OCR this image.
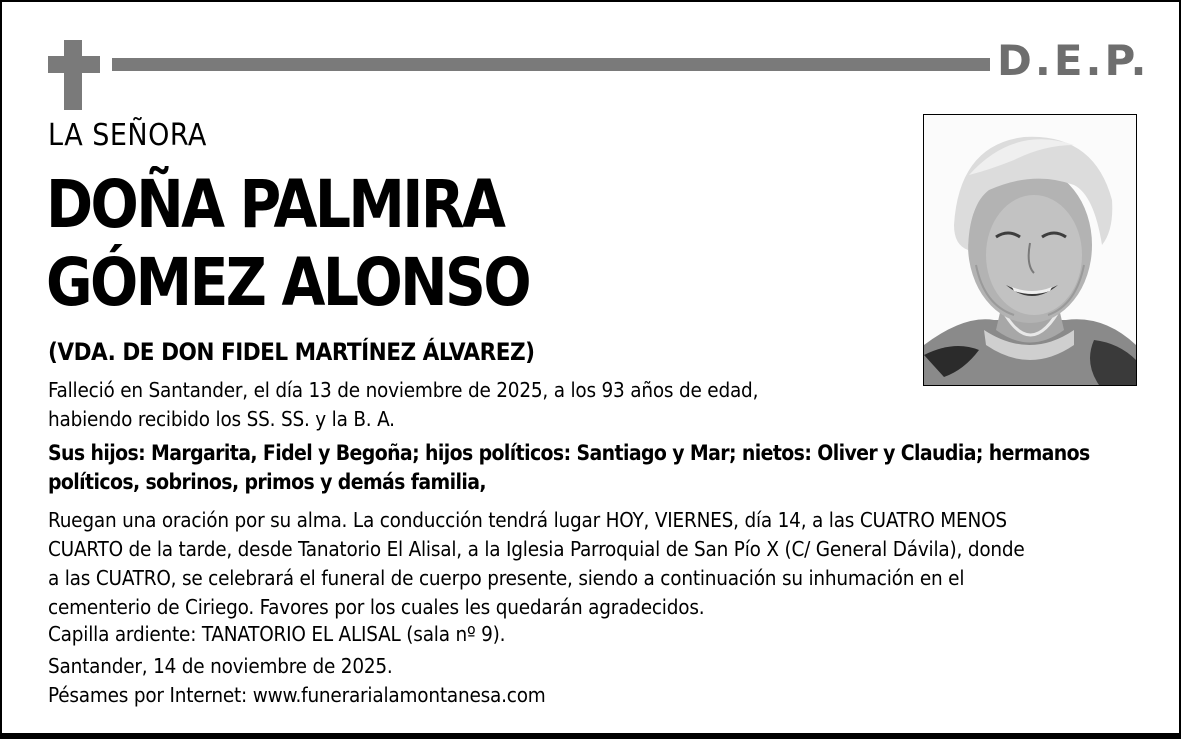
D.E.P.
LA SEÑORA
DOÑA PALMIRA
GÓMEZ ALONSO
(VDA. DE DON FIDEL MARTÍNEZ ÁLVAREZ)
Falleció en Santander, el día 13 de noviembre de 2025, a los 93 años de edad,
habiendo recibido los SS. SS. y la B. A.
Sus hijos: Margarita, Fidel y Begoña; hijos políticos: Santiago y Mar; nietos: Oliver y Claudia; hermanos
políticos, sobrinos, primos y demás familia,
Ruegan una oración por su alma. La conducción tendrá lugar HOY, VIERNES, día 14, a las CUATRO MENOS
CUARTO de la tarde, desde Tanatorio El Alisal, a la Iglesia Parroquial de San Pío X (C/ General Dávila), donde
a las CUATRO, se celebrará el funeral de cuerpo presente, siendo a continuación su inhumación en el
cementerio de Ciriego. Favores por los cuales les quedarán agradecidos.
Capilla ardiente: TANATORIO EL ALISAL (sala nº 9).
Santander, 14 de noviembre de 2025.
Pésames por Internet: www.funerarialamontanesa.com
